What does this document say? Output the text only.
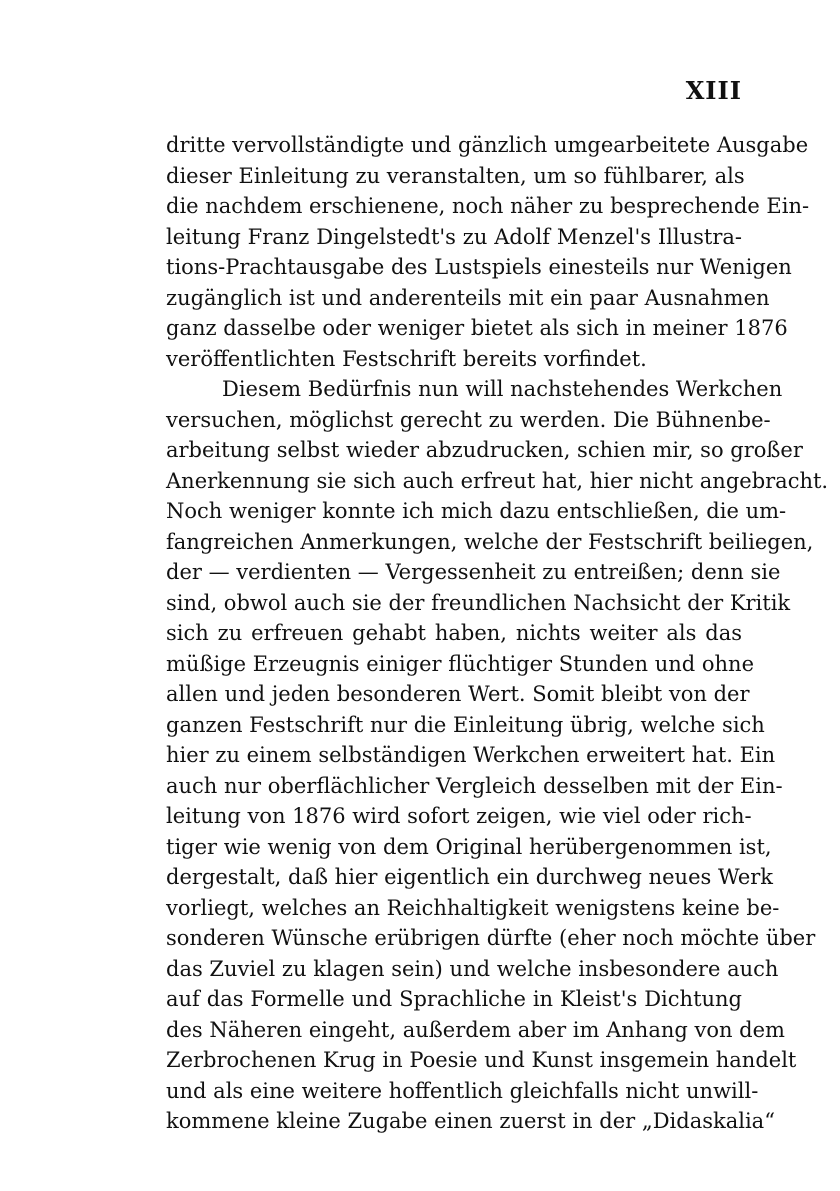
XIII
dritte vervollständigte und gänzlich umgearbeitete Ausgabe
dieser Einleitung zu veranstalten, um so fühlbarer, als
die nachdem erschienene, noch näher zu besprechende Ein-
leitung Franz Dingelstedt's zu Adolf Menzel's Illustra-
tions-Prachtausgabe des Lustspiels einesteils nur Wenigen
zugänglich ist und anderenteils mit ein paar Ausnahmen
ganz dasselbe oder weniger bietet als sich in meiner 1876
veröffentlichten Festschrift bereits vorfindet.
Diesem Bedürfnis nun will nachstehendes Werkchen
versuchen, möglichst gerecht zu werden. Die Bühnenbe-
arbeitung selbst wieder abzudrucken, schien mir, so großer
Anerkennung sie sich auch erfreut hat, hier nicht angebracht.
Noch weniger konnte ich mich dazu entschließen, die um-
fangreichen Anmerkungen, welche der Festschrift beiliegen,
der — verdienten — Vergessenheit zu entreißen; denn sie
sind, obwol auch sie der freundlichen Nachsicht der Kritik
sich zu erfreuen gehabt haben, nichts weiter als das
müßige Erzeugnis einiger flüchtiger Stunden und ohne
allen und jeden besonderen Wert. Somit bleibt von der
ganzen Festschrift nur die Einleitung übrig, welche sich
hier zu einem selbständigen Werkchen erweitert hat. Ein
auch nur oberflächlicher Vergleich desselben mit der Ein-
leitung von 1876 wird sofort zeigen, wie viel oder rich-
tiger wie wenig von dem Original herübergenommen ist,
dergestalt, daß hier eigentlich ein durchweg neues Werk
vorliegt, welches an Reichhaltigkeit wenigstens keine be-
sonderen Wünsche erübrigen dürfte (eher noch möchte über
das Zuviel zu klagen sein) und welche insbesondere auch
auf das Formelle und Sprachliche in Kleist's Dichtung
des Näheren eingeht, außerdem aber im Anhang von dem
Zerbrochenen Krug in Poesie und Kunst insgemein handelt
und als eine weitere hoffentlich gleichfalls nicht unwill-
kommene kleine Zugabe einen zuerst in der „Didaskalia“
